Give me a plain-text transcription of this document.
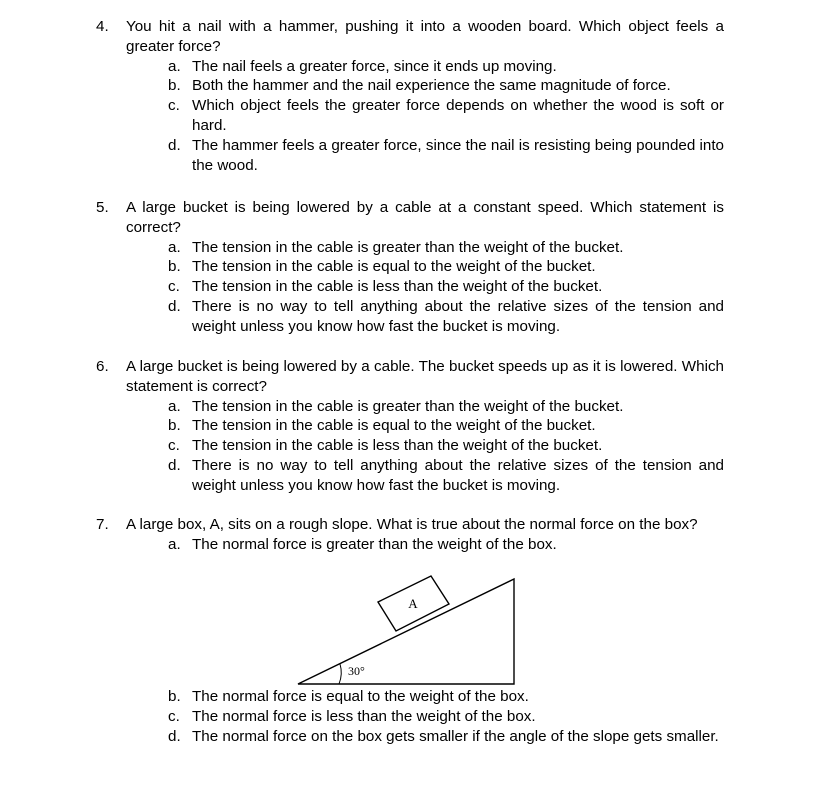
4. You hit a nail with a hammer, pushing it into a wooden board. Which object feels a greater force?
a. The nail feels a greater force, since it ends up moving.
b. Both the hammer and the nail experience the same magnitude of force.
c. Which object feels the greater force depends on whether the wood is soft or hard.
d. The hammer feels a greater force, since the nail is resisting being pounded into the wood.
5. A large bucket is being lowered by a cable at a constant speed. Which statement is correct?
a. The tension in the cable is greater than the weight of the bucket.
b. The tension in the cable is equal to the weight of the bucket.
c. The tension in the cable is less than the weight of the bucket.
d. There is no way to tell anything about the relative sizes of the tension and weight unless you know how fast the bucket is moving.
6. A large bucket is being lowered by a cable. The bucket speeds up as it is lowered. Which statement is correct?
a. The tension in the cable is greater than the weight of the bucket.
b. The tension in the cable is equal to the weight of the bucket.
c. The tension in the cable is less than the weight of the bucket.
d. There is no way to tell anything about the relative sizes of the tension and weight unless you know how fast the bucket is moving.
7. A large box, A, sits on a rough slope. What is true about the normal force on the box?
a. The normal force is greater than the weight of the box.
A
30°
b. The normal force is equal to the weight of the box.
c. The normal force is less than the weight of the box.
d. The normal force on the box gets smaller if the angle of the slope gets smaller.
